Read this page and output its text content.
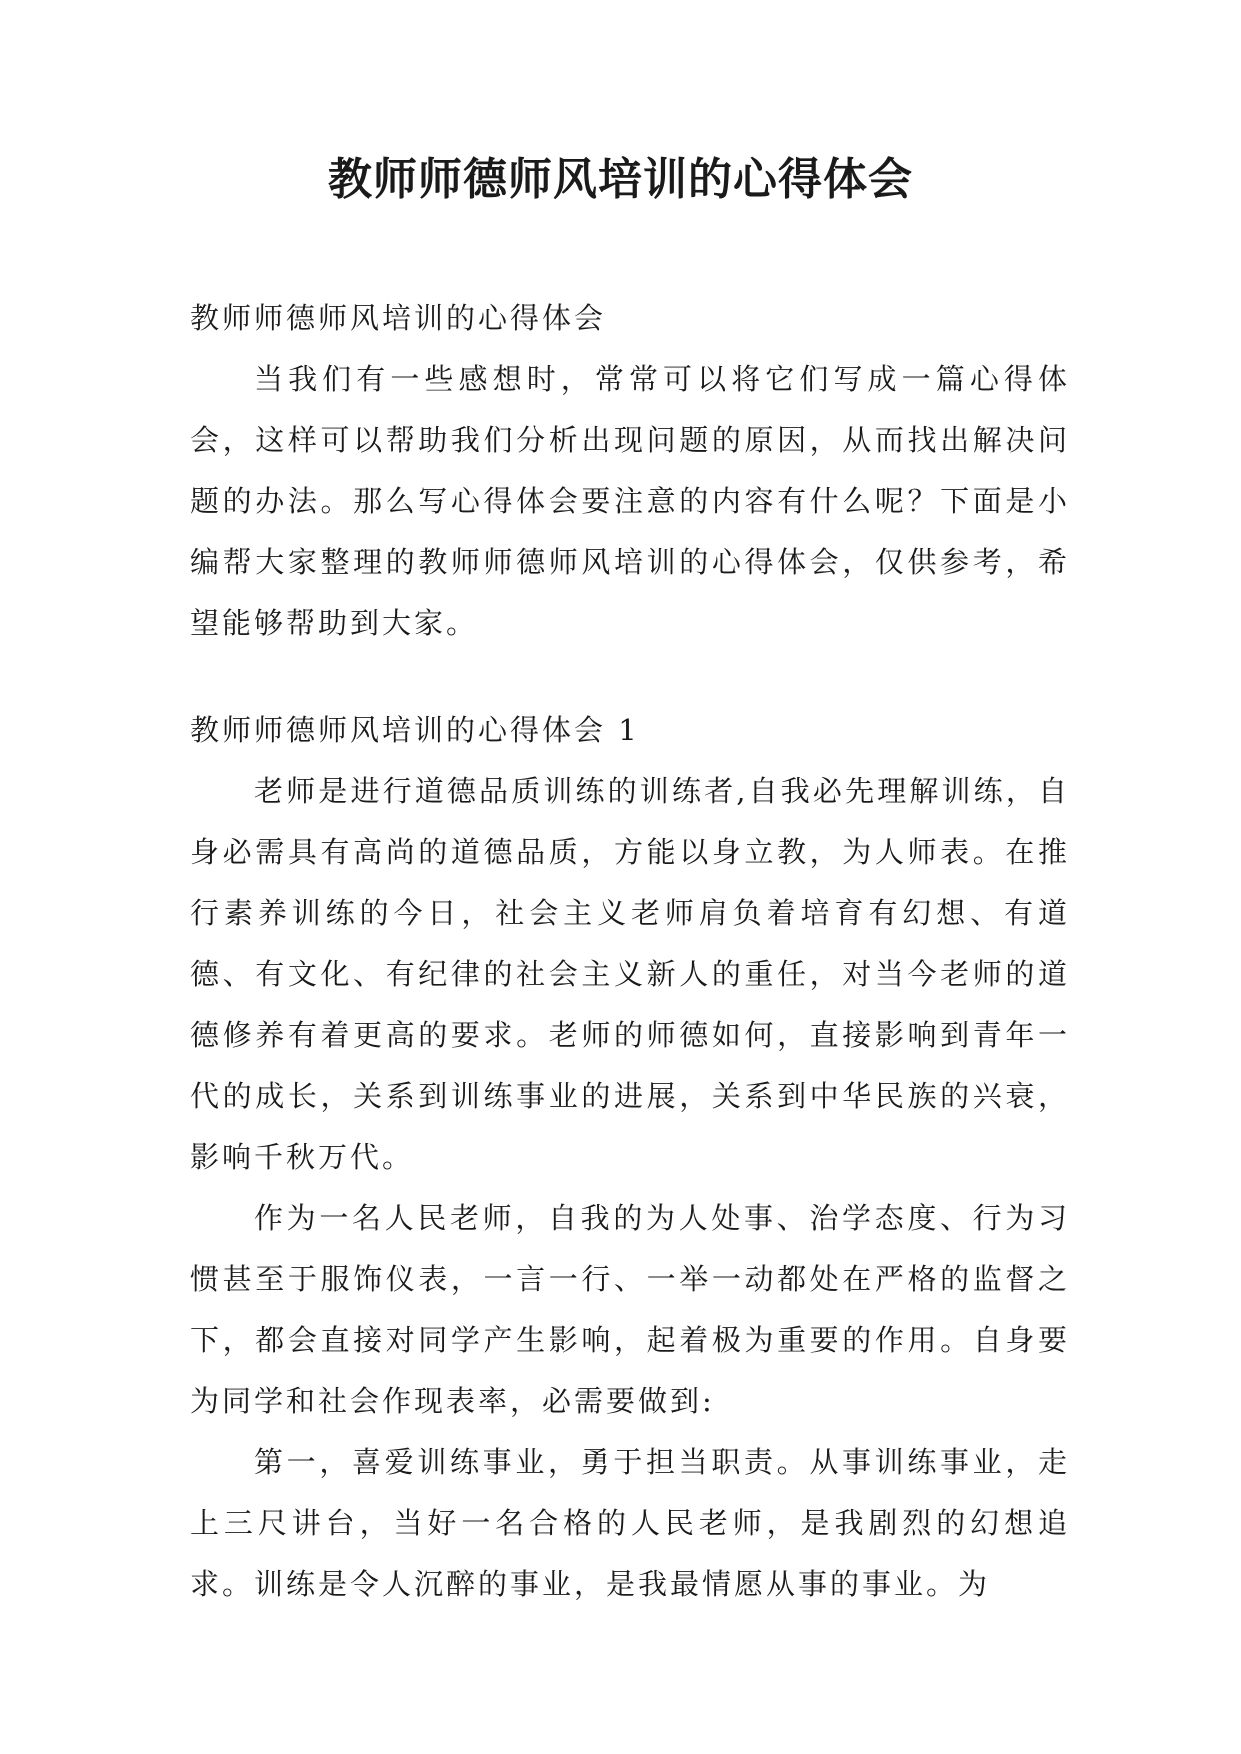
教师师德师风培训的心得体会

教师师德师风培训的心得体会

当我们有一些感想时，常常可以将它们写成一篇心得体会，这样可以帮助我们分析出现问题的原因，从而找出解决问题的办法。那么写心得体会要注意的内容有什么呢？下面是小编帮大家整理的教师师德师风培训的心得体会，仅供参考，希望能够帮助到大家。

教师师德师风培训的心得体会 1

老师是进行道德品质训练的训练者,自我必先理解训练，自身必需具有高尚的道德品质，方能以身立教，为人师表。在推行素养训练的今日，社会主义老师肩负着培育有幻想、有道德、有文化、有纪律的社会主义新人的重任，对当今老师的道德修养有着更高的要求。老师的师德如何，直接影响到青年一代的成长，关系到训练事业的进展，关系到中华民族的兴衰，影响千秋万代。

作为一名人民老师，自我的为人处事、治学态度、行为习惯甚至于服饰仪表，一言一行、一举一动都处在严格的监督之下，都会直接对同学产生影响，起着极为重要的作用。自身要为同学和社会作现表率，必需要做到:

第一，喜爱训练事业，勇于担当职责。从事训练事业，走上三尺讲台，当好一名合格的人民老师，是我剧烈的幻想追求。训练是令人沉醉的事业，是我最情愿从事的事业。为
